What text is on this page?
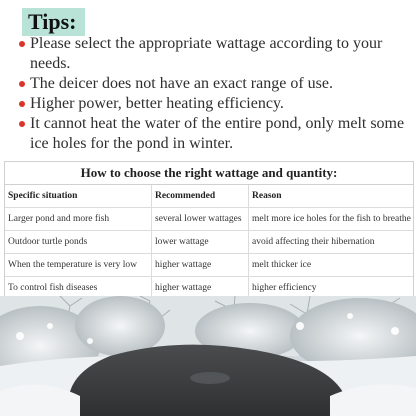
Tips:
Please select the appropriate wattage according to your needs.
The deicer does not have an exact range of use.
Higher power, better heating efficiency.
It cannot heat the water of the entire pond, only melt some ice holes for the pond in winter.
How to choose the right wattage and quantity:
Specific situation	Recommended	Reason
Larger pond and more fish	several lower wattages	melt more ice holes for the fish to breathe
Outdoor turtle ponds	lower wattage	avoid affecting their hibernation
When the temperature is very low	higher wattage	melt thicker ice
To control fish diseases	higher wattage	higher efficiency
